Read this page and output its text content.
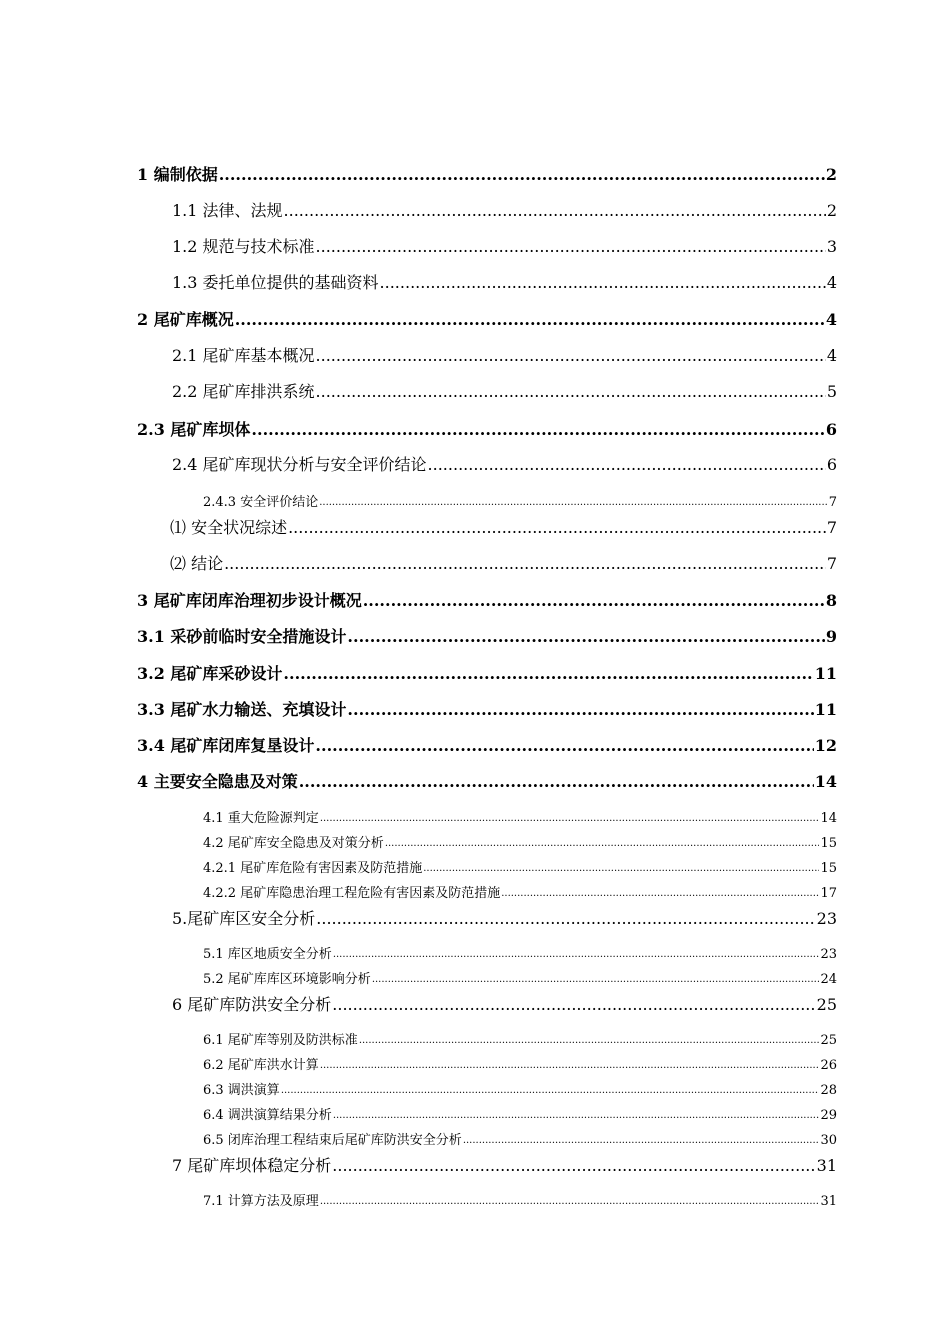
1 编制依据 .....	2
1.1 法律、法规 .....	2
1.2 规范与技术标准 .....	3
1.3 委托单位提供的基础资料 .....	4
2 尾矿库概况 .....	4
2.1 尾矿库基本概况 .....	4
2.2 尾矿库排洪系统 .....	5
2.3 尾矿库坝体 .....	6
2.4 尾矿库现状分析与安全评价结论 .....	6
2.4.3 安全评价结论 .....	7
⑴ 安全状况综述 .....	7
⑵ 结论 .....	7
3 尾矿库闭库治理初步设计概况 .....	8
3.1 采砂前临时安全措施设计 .....	9
3.2 尾矿库采砂设计 .....	11
3.3 尾矿水力输送、充填设计 .....	11
3.4 尾矿库闭库复垦设计 .....	12
4 主要安全隐患及对策 .....	14
4.1 重大危险源判定 .....	14
4.2 尾矿库安全隐患及对策分析 .....	15
4.2.1 尾矿库危险有害因素及防范措施 .....	15
4.2.2 尾矿库隐患治理工程危险有害因素及防范措施 .....	17
5.尾矿库区安全分析 .....	23
5.1 库区地质安全分析 .....	23
5.2 尾矿库库区环境影响分析 .....	24
6 尾矿库防洪安全分析 .....	25
6.1 尾矿库等别及防洪标准 .....	25
6.2 尾矿库洪水计算 .....	26
6.3 调洪演算 .....	28
6.4 调洪演算结果分析 .....	29
6.5 闭库治理工程结束后尾矿库防洪安全分析 .....	30
7 尾矿库坝体稳定分析 .....	31
7.1 计算方法及原理 .....	31
